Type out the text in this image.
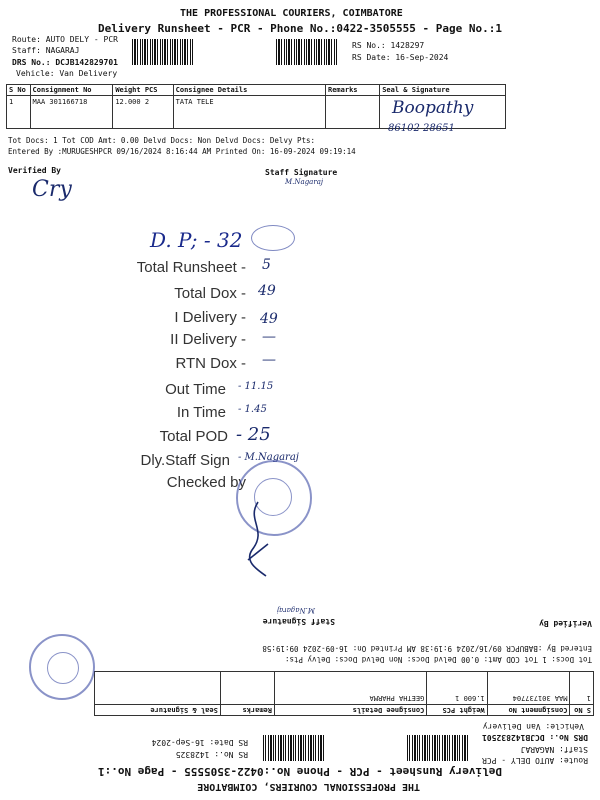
THE PROFESSIONAL COURIERS, COIMBATORE
Delivery Runsheet - PCR - Phone No.:0422-3505555 - Page No.:1
Route: AUTO DELY - PCR
Staff: NAGARAJ
DRS No.: DCJB142829701
Vehicle: Van Delivery
RS No.: 1428297
RS Date: 16-Sep-2024
S No	Consignment No	Weight PCS	Consignee Details	Remarks	Seal & Signature
1	MAA 301166718	12.000 2	TATA TELE			Boopathy
86102 28651
Tot Docs: 1 Tot COD Amt: 0.00 Delvd Docs: Non Delvd Docs: Delvy Pts:
Entered By :MURUGESHPCR 09/16/2024 8:16:44 AM Printed On: 16-09-2024 09:19:14
Verified By	Staff Signature
Cry	M.Nagaraj
D. P; - 32
Total Runsheet - 5
Total Dox - 49
I Delivery - 49
II Delivery - —
RTN Dox - —
Out Time - 11.15
In Time - 1.45
Total POD - 25
Dly.Staff Sign - M.Nagaraj
Checked by
THE PROFESSIONAL COURIERS, COIMBATORE
Delivery Runsheet - PCR - Phone No.:0422-3505555 - Page No.:1
Route: AUTO DELY - PCR
Staff: NAGARAJ
DRS No.: DCJB142832501
Vehicle: Van Delivery
RS No.: 1428325
RS Date: 16-Sep-2024
S No	Consignment No	Weight PCS	Consignee Details	Remarks	Seal & Signature
1	MAA 301737704	1.600 1	GEETHA PHARMA		
Tot Docs: 1 Tot COD Amt: 0.00 Delvd Docs: Non Delvd Docs: Delvy Pts:
Entered By :BABUPCR 09/16/2024 9:19:38 AM Printed On: 16-09-2024 09:19:58
Verified By
Staff Signature
M.Nagaraj
